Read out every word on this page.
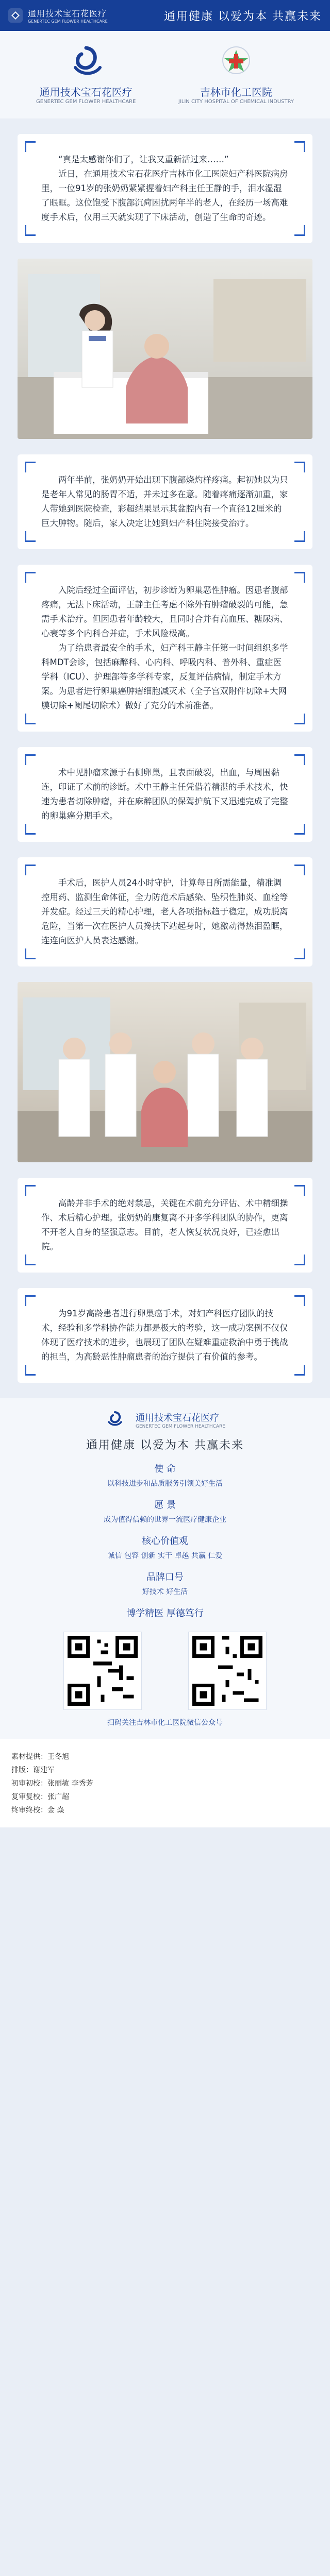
通用技术宝石花医疗
GENERTEC GEM FLOWER HEALTHCARE	通用健康 以爱为本 共赢未来
通用技术宝石花医疗
GENERTEC GEM FLOWER HEALTHCARE
吉林市化工医院
JILIN CITY HOSPITAL OF CHEMICAL INDUSTRY

“真是太感谢你们了，让我又重新活过来……”

近日，在通用技术宝石花医疗吉林市化工医院妇产科医院病房里，一位91岁的张奶奶紧紧握着妇产科主任王静的手，泪水湿湿了眼眶。这位饱受下腹部沉疴困扰两年半的老人，在经历一场高难度手术后，仅用三天就实现了下床活动，创造了生命的奇迹。

两年半前，张奶奶开始出现下腹部烧灼样疼痛。起初她以为只是老年人常见的肠胃不适，并未过多在意。随着疼痛逐渐加重，家人带她到医院检查，彩超结果显示其盆腔内有一个直径12厘米的巨大肿物。随后，家人决定让她到妇产科住院接受治疗。

入院后经过全面评估，初步诊断为卵巢恶性肿瘤。因患者腹部疼痛，无法下床活动，王静主任考虑不除外有肿瘤破裂的可能，急需手术治疗。但因患者年龄较大，且同时合并有高血压、糖尿病、心衰等多个内科合并症，手术风险极高。

为了给患者最安全的手术，妇产科王静主任第一时间组织多学科MDT会诊，包括麻醉科、心内科、呼吸内科、普外科、重症医学科（ICU）、护理部等多学科专家，反复评估病情，制定手术方案。为患者进行卵巢癌肿瘤细胞减灭术（全子宫双附件切除+大网膜切除+阑尾切除术）做好了充分的术前准备。

术中见肿瘤来源于右侧卵巢，且表面破裂，出血，与周围黏连，印证了术前的诊断。术中王静主任凭借着精湛的手术技术，快速为患者切除肿瘤，并在麻醉团队的保驾护航下又迅速完成了完整的卵巢癌分期手术。

手术后，医护人员24小时守护，计算每日所需能量，精准调控用药、监测生命体征，全力防范术后感染、坠积性肺炎、血栓等并发症。经过三天的精心护理，老人各项指标趋于稳定，成功脱离危险，当第一次在医护人员搀扶下站起身时，她激动得热泪盈眶，连连向医护人员表达感谢。

高龄并非手术的绝对禁忌，关键在术前充分评估、术中精细操作、术后精心护理。张奶奶的康复离不开多学科团队的协作，更离不开老人自身的坚强意志。目前，老人恢复状况良好，已痊愈出院。

为91岁高龄患者进行卵巢癌手术，对妇产科医疗团队的技术，经验和多学科协作能力都是极大的考验，这一成功案例不仅仅体现了医疗技术的进步，也展现了团队在疑难重症救治中勇于挑战的担当，为高龄恶性肿瘤患者的治疗提供了有价值的参考。

通用技术宝石花医疗
GENERTEC GEM FLOWER HEALTHCARE
通用健康 以爱为本 共赢未来
使 命
以科技进步和品质服务引领美好生活
愿 景
成为值得信赖的世界一流医疗健康企业
核心价值观
诚信 包容 创新 实干 卓越 共赢 仁爱
品牌口号
好技术 好生活
博学精医 厚德笃行
扫码关注吉林市化工医院微信公众号
素材提供：王冬旭
排版：谢建军
初审初校：张丽敏 李秀芳
复审复校：张广超
终审终校：金 焱
